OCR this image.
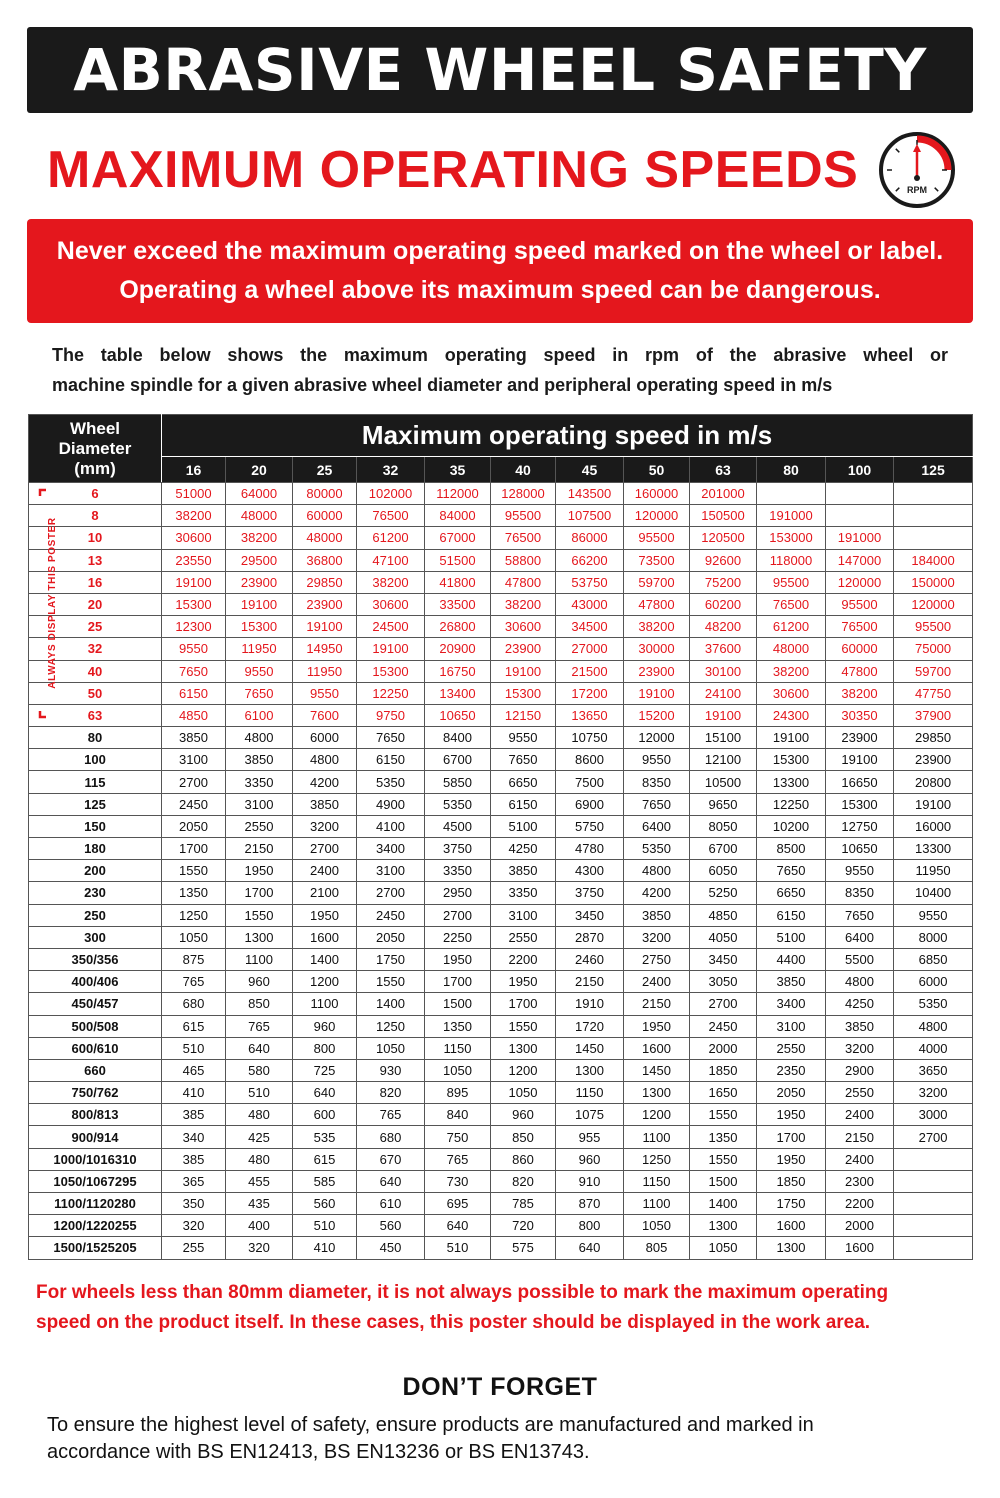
ABRASIVE WHEEL SAFETY
MAXIMUM OPERATING SPEEDS	RPM
Never exceed the maximum operating speed marked on the wheel or label.
Operating a wheel above its maximum speed can be dangerous.
The table below shows the maximum operating speed in rpm of the abrasive wheel or
machine spindle for a given abrasive wheel diameter and peripheral operating speed in m/s
Wheel
Diameter
(mm)	Maximum operating speed in m/s											
	16	20	25	32	35	40	45	50	63	80	100	125
6	51000	64000	80000	102000	112000	128000	143500	160000	201000			
8	38200	48000	60000	76500	84000	95500	107500	120000	150500	191000		
10	30600	38200	48000	61200	67000	76500	86000	95500	120500	153000	191000	
13	23550	29500	36800	47100	51500	58800	66200	73500	92600	118000	147000	184000
16	19100	23900	29850	38200	41800	47800	53750	59700	75200	95500	120000	150000
20	15300	19100	23900	30600	33500	38200	43000	47800	60200	76500	95500	120000
25	12300	15300	19100	24500	26800	30600	34500	38200	48200	61200	76500	95500
32	9550	11950	14950	19100	20900	23900	27000	30000	37600	48000	60000	75000
40	7650	9550	11950	15300	16750	19100	21500	23900	30100	38200	47800	59700
50	6150	7650	9550	12250	13400	15300	17200	19100	24100	30600	38200	47750
63	4850	6100	7600	9750	10650	12150	13650	15200	19100	24300	30350	37900
80	3850	4800	6000	7650	8400	9550	10750	12000	15100	19100	23900	29850
100	3100	3850	4800	6150	6700	7650	8600	9550	12100	15300	19100	23900
115	2700	3350	4200	5350	5850	6650	7500	8350	10500	13300	16650	20800
125	2450	3100	3850	4900	5350	6150	6900	7650	9650	12250	15300	19100
150	2050	2550	3200	4100	4500	5100	5750	6400	8050	10200	12750	16000
180	1700	2150	2700	3400	3750	4250	4780	5350	6700	8500	10650	13300
200	1550	1950	2400	3100	3350	3850	4300	4800	6050	7650	9550	11950
230	1350	1700	2100	2700	2950	3350	3750	4200	5250	6650	8350	10400
250	1250	1550	1950	2450	2700	3100	3450	3850	4850	6150	7650	9550
300	1050	1300	1600	2050	2250	2550	2870	3200	4050	5100	6400	8000
350/356	875	1100	1400	1750	1950	2200	2460	2750	3450	4400	5500	6850
400/406	765	960	1200	1550	1700	1950	2150	2400	3050	3850	4800	6000
450/457	680	850	1100	1400	1500	1700	1910	2150	2700	3400	4250	5350
500/508	615	765	960	1250	1350	1550	1720	1950	2450	3100	3850	4800
600/610	510	640	800	1050	1150	1300	1450	1600	2000	2550	3200	4000
660	465	580	725	930	1050	1200	1300	1450	1850	2350	2900	3650
750/762	410	510	640	820	895	1050	1150	1300	1650	2050	2550	3200
800/813	385	480	600	765	840	960	1075	1200	1550	1950	2400	3000
900/914	340	425	535	680	750	850	955	1100	1350	1700	2150	2700
1000/1016310	385	480	615	670	765	860	960	1250	1550	1950	2400	
1050/1067295	365	455	585	640	730	820	910	1150	1500	1850	2300	
1100/1120280	350	435	560	610	695	785	870	1100	1400	1750	2200	
1200/1220255	320	400	510	560	640	720	800	1050	1300	1600	2000	
1500/1525205	255	320	410	450	510	575	640	805	1050	1300	1600	
ALWAYS DISPLAY THIS POSTER
For wheels less than 80mm diameter, it is not always possible to mark the maximum operating
speed on the product itself. In these cases, this poster should be displayed in the work area.
DON’T FORGET
To ensure the highest level of safety, ensure products are manufactured and marked in
accordance with BS EN12413, BS EN13236 or BS EN13743.
